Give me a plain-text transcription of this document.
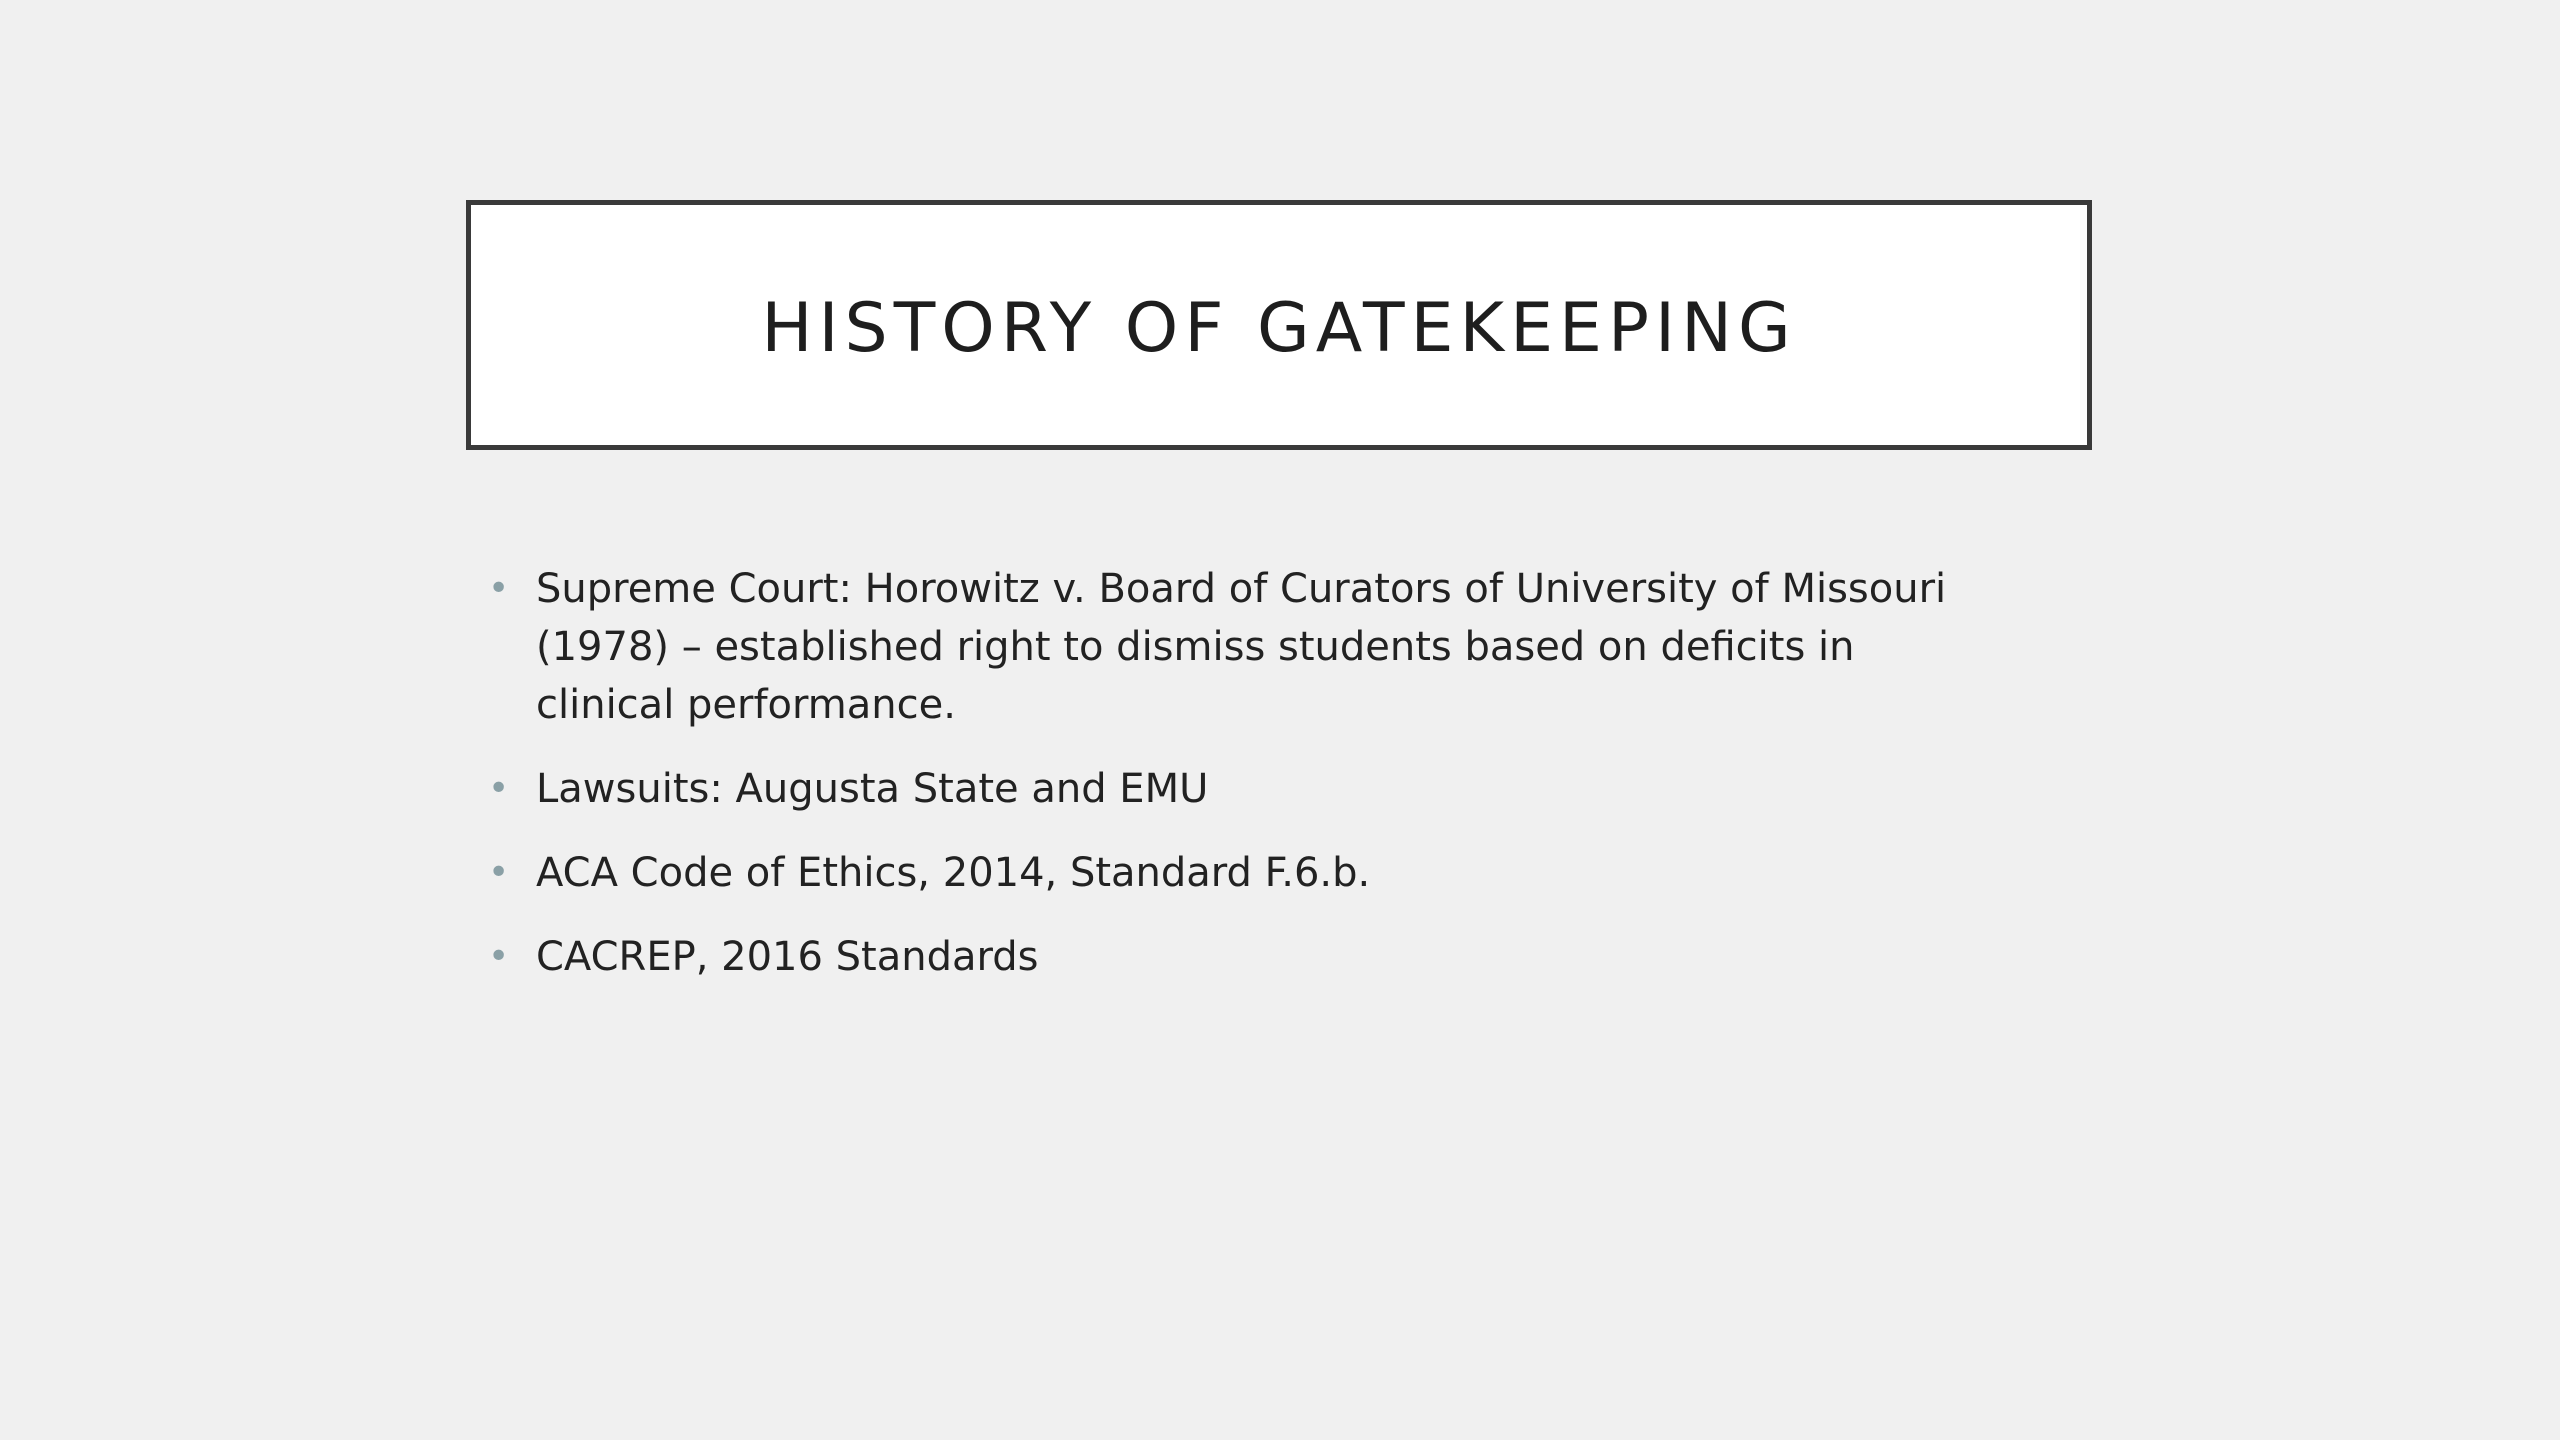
HISTORY OF GATEKEEPING
• Supreme Court: Horowitz v. Board of Curators of University of Missouri (1978) – established right to dismiss students based on deficits in clinical performance.
• Lawsuits: Augusta State and EMU
• ACA Code of Ethics, 2014, Standard F.6.b.
• CACREP, 2016 Standards
